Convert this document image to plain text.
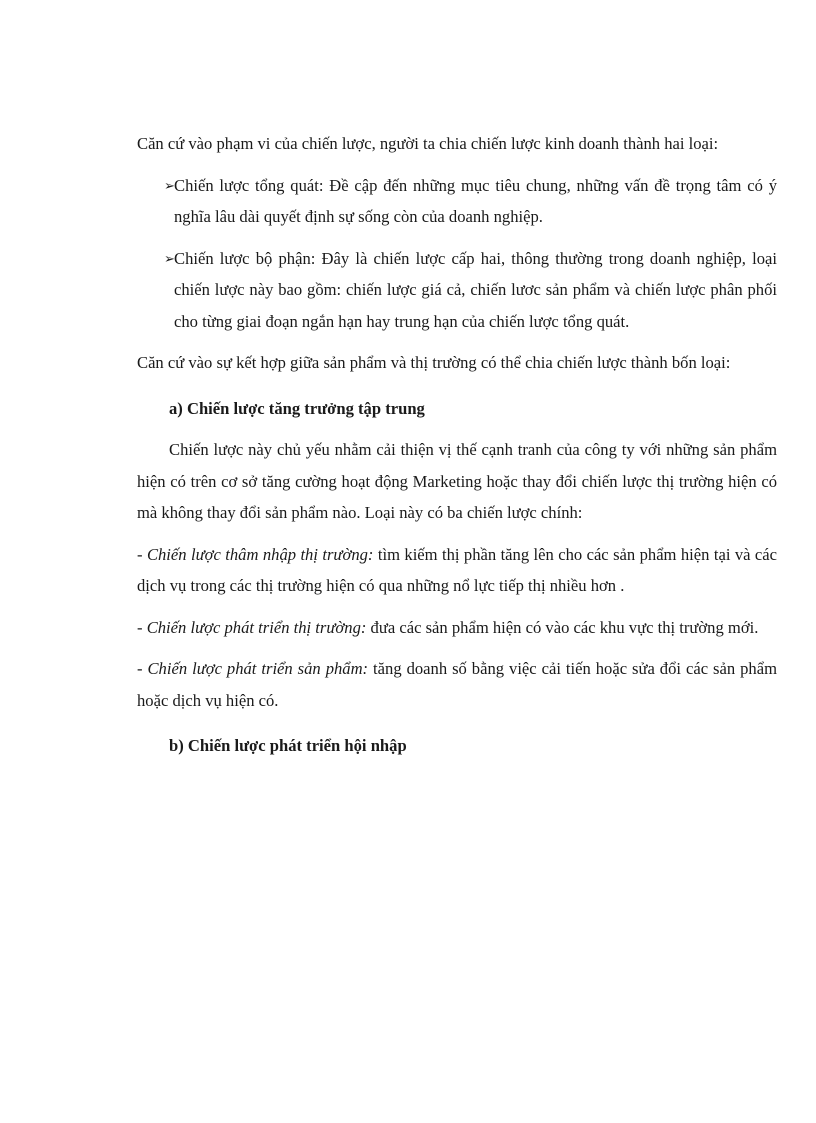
Căn cứ vào phạm vi của chiến lược, người ta chia chiến lược kinh doanh thành hai loại:

➢ Chiến lược tổng quát: Đề cập đến những mục tiêu chung, những vấn đề trọng tâm có ý nghĩa lâu dài quyết định sự sống còn của doanh nghiệp.
➢ Chiến lược bộ phận: Đây là chiến lược cấp hai, thông thường trong doanh nghiệp, loại chiến lược này bao gồm: chiến lược giá cả, chiến lươc sản phẩm và chiến lược phân phối cho từng giai đoạn ngắn hạn hay trung hạn của chiến lược tổng quát.

Căn cứ vào sự kết hợp giữa sản phẩm và thị trường có thể chia chiến lược thành bốn loại:

a) Chiến lược tăng trưởng tập trung

Chiến lược này chủ yếu nhằm cải thiện vị thế cạnh tranh của công ty với những sản phẩm hiện có trên cơ sở tăng cường hoạt động Marketing hoặc thay đổi chiến lược thị trường hiện có mà không thay đổi sản phẩm nào. Loại này có ba chiến lược chính:

- Chiến lược thâm nhập thị trường: tìm kiếm thị phần tăng lên cho các sản phẩm hiện tại và các dịch vụ trong các thị trường hiện có qua những nổ lực tiếp thị nhiều hơn .

- Chiến lược phát triển thị trường: đưa các sản phẩm hiện có vào các khu vực thị trường mới.

- Chiến lược phát triển sản phẩm: tăng doanh số bằng việc cải tiến hoặc sửa đổi các sản phẩm hoặc dịch vụ hiện có.

b) Chiến lược phát triển hội nhập
